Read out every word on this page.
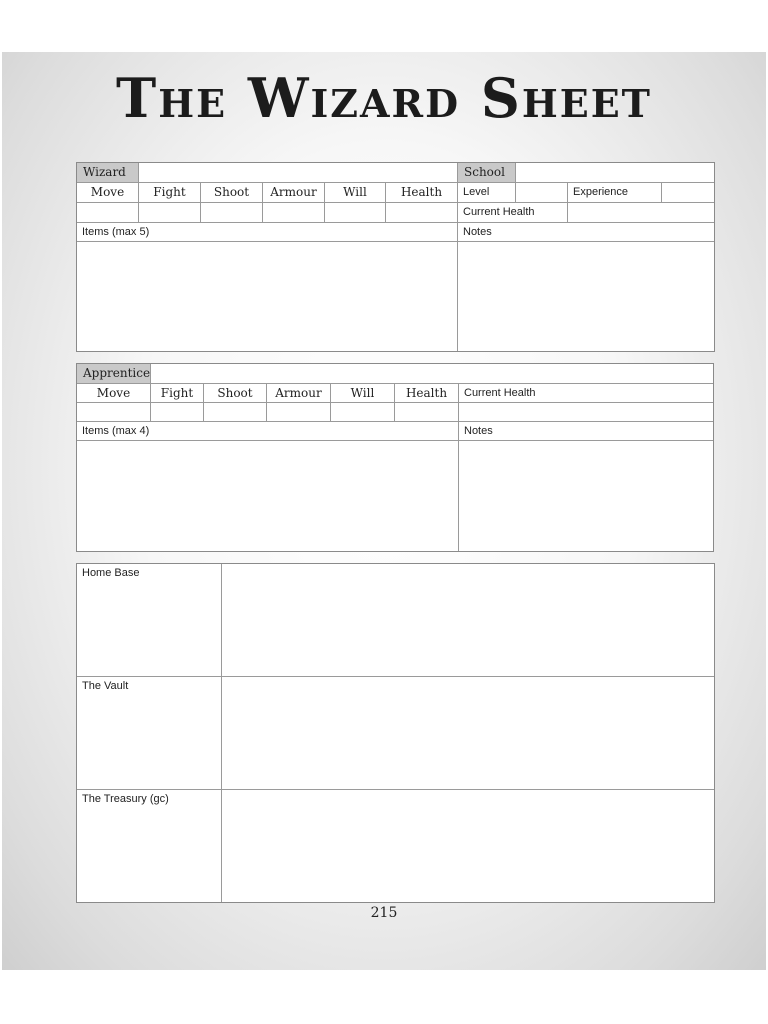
The Wizard Sheet
Wizard	School
Move	Fight	Shoot	Armour	Will	Health	Level	Experience
Current Health
Items (max 5)	Notes
Apprentice
Move	Fight	Shoot	Armour	Will	Health	Current Health
Items (max 4)	Notes
Home Base
The Vault
The Treasury (gc)
215
